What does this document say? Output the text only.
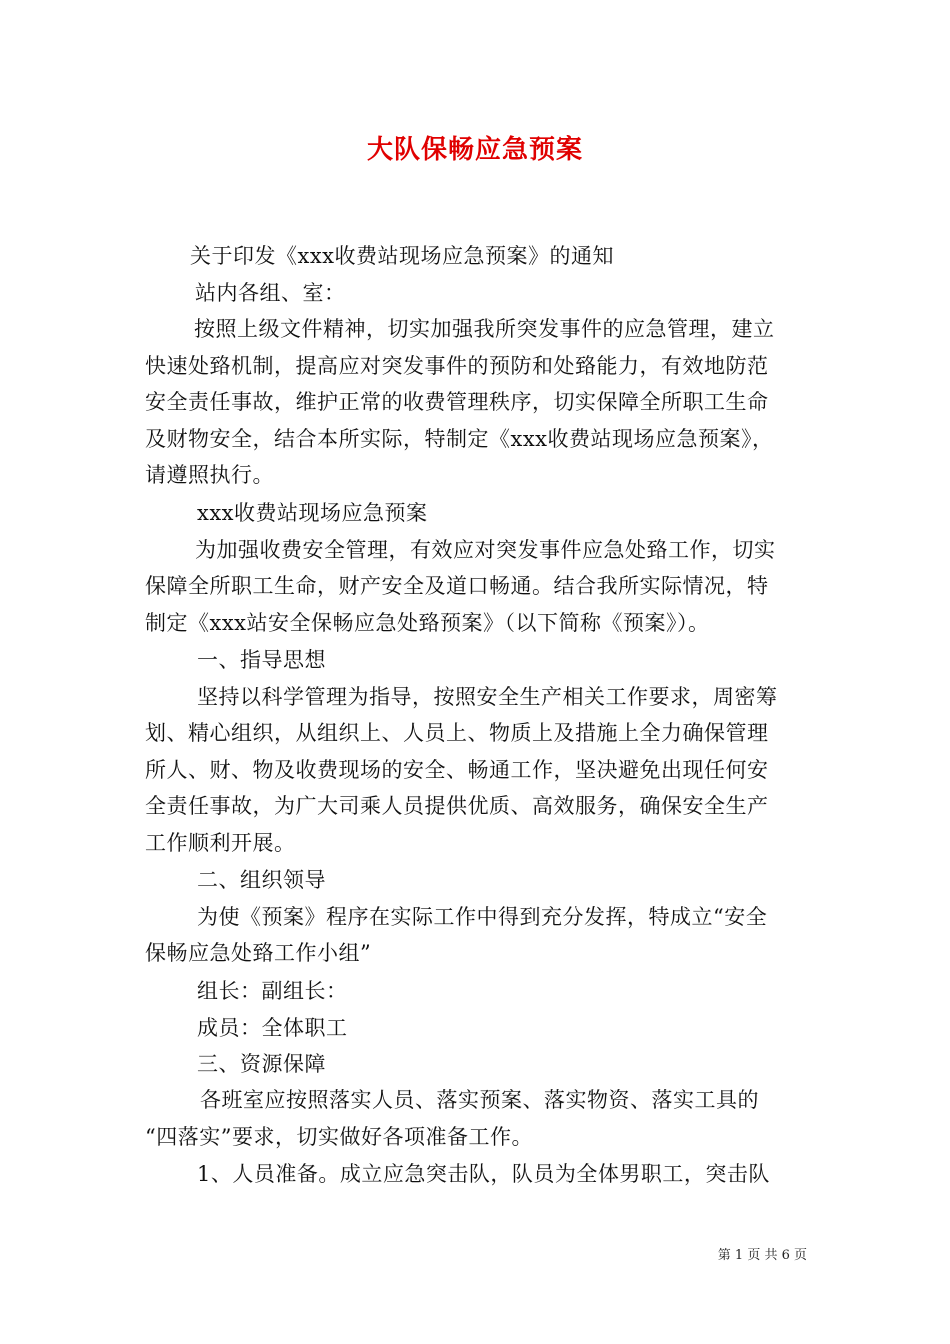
大队保畅应急预案
关于印发《xxx收费站现场应急预案》的通知
站内各组、室：
按照上级文件精神，切实加强我所突发事件的应急管理，建立
快速处臵机制，提高应对突发事件的预防和处臵能力，有效地防范
安全责任事故，维护正常的收费管理秩序，切实保障全所职工生命
及财物安全，结合本所实际，特制定《xxx收费站现场应急预案》，
请遵照执行。
xxx收费站现场应急预案
为加强收费安全管理，有效应对突发事件应急处臵工作，切实
保障全所职工生命，财产安全及道口畅通。结合我所实际情况，特
制定《xxx站安全保畅应急处臵预案》（以下简称《预案》）。
一、指导思想
坚持以科学管理为指导，按照安全生产相关工作要求，周密筹
划、精心组织，从组织上、人员上、物质上及措施上全力确保管理
所人、财、物及收费现场的安全、畅通工作，坚决避免出现任何安
全责任事故，为广大司乘人员提供优质、高效服务，确保安全生产
工作顺利开展。
二、组织领导
为使《预案》程序在实际工作中得到充分发挥，特成立“安全
保畅应急处臵工作小组”
组长：副组长：
成员：全体职工
三、资源保障
各班室应按照落实人员、落实预案、落实物资、落实工具的
“四落实”要求，切实做好各项准备工作。
1、人员准备。成立应急突击队，队员为全体男职工，突击队
第 1 页 共 6 页
